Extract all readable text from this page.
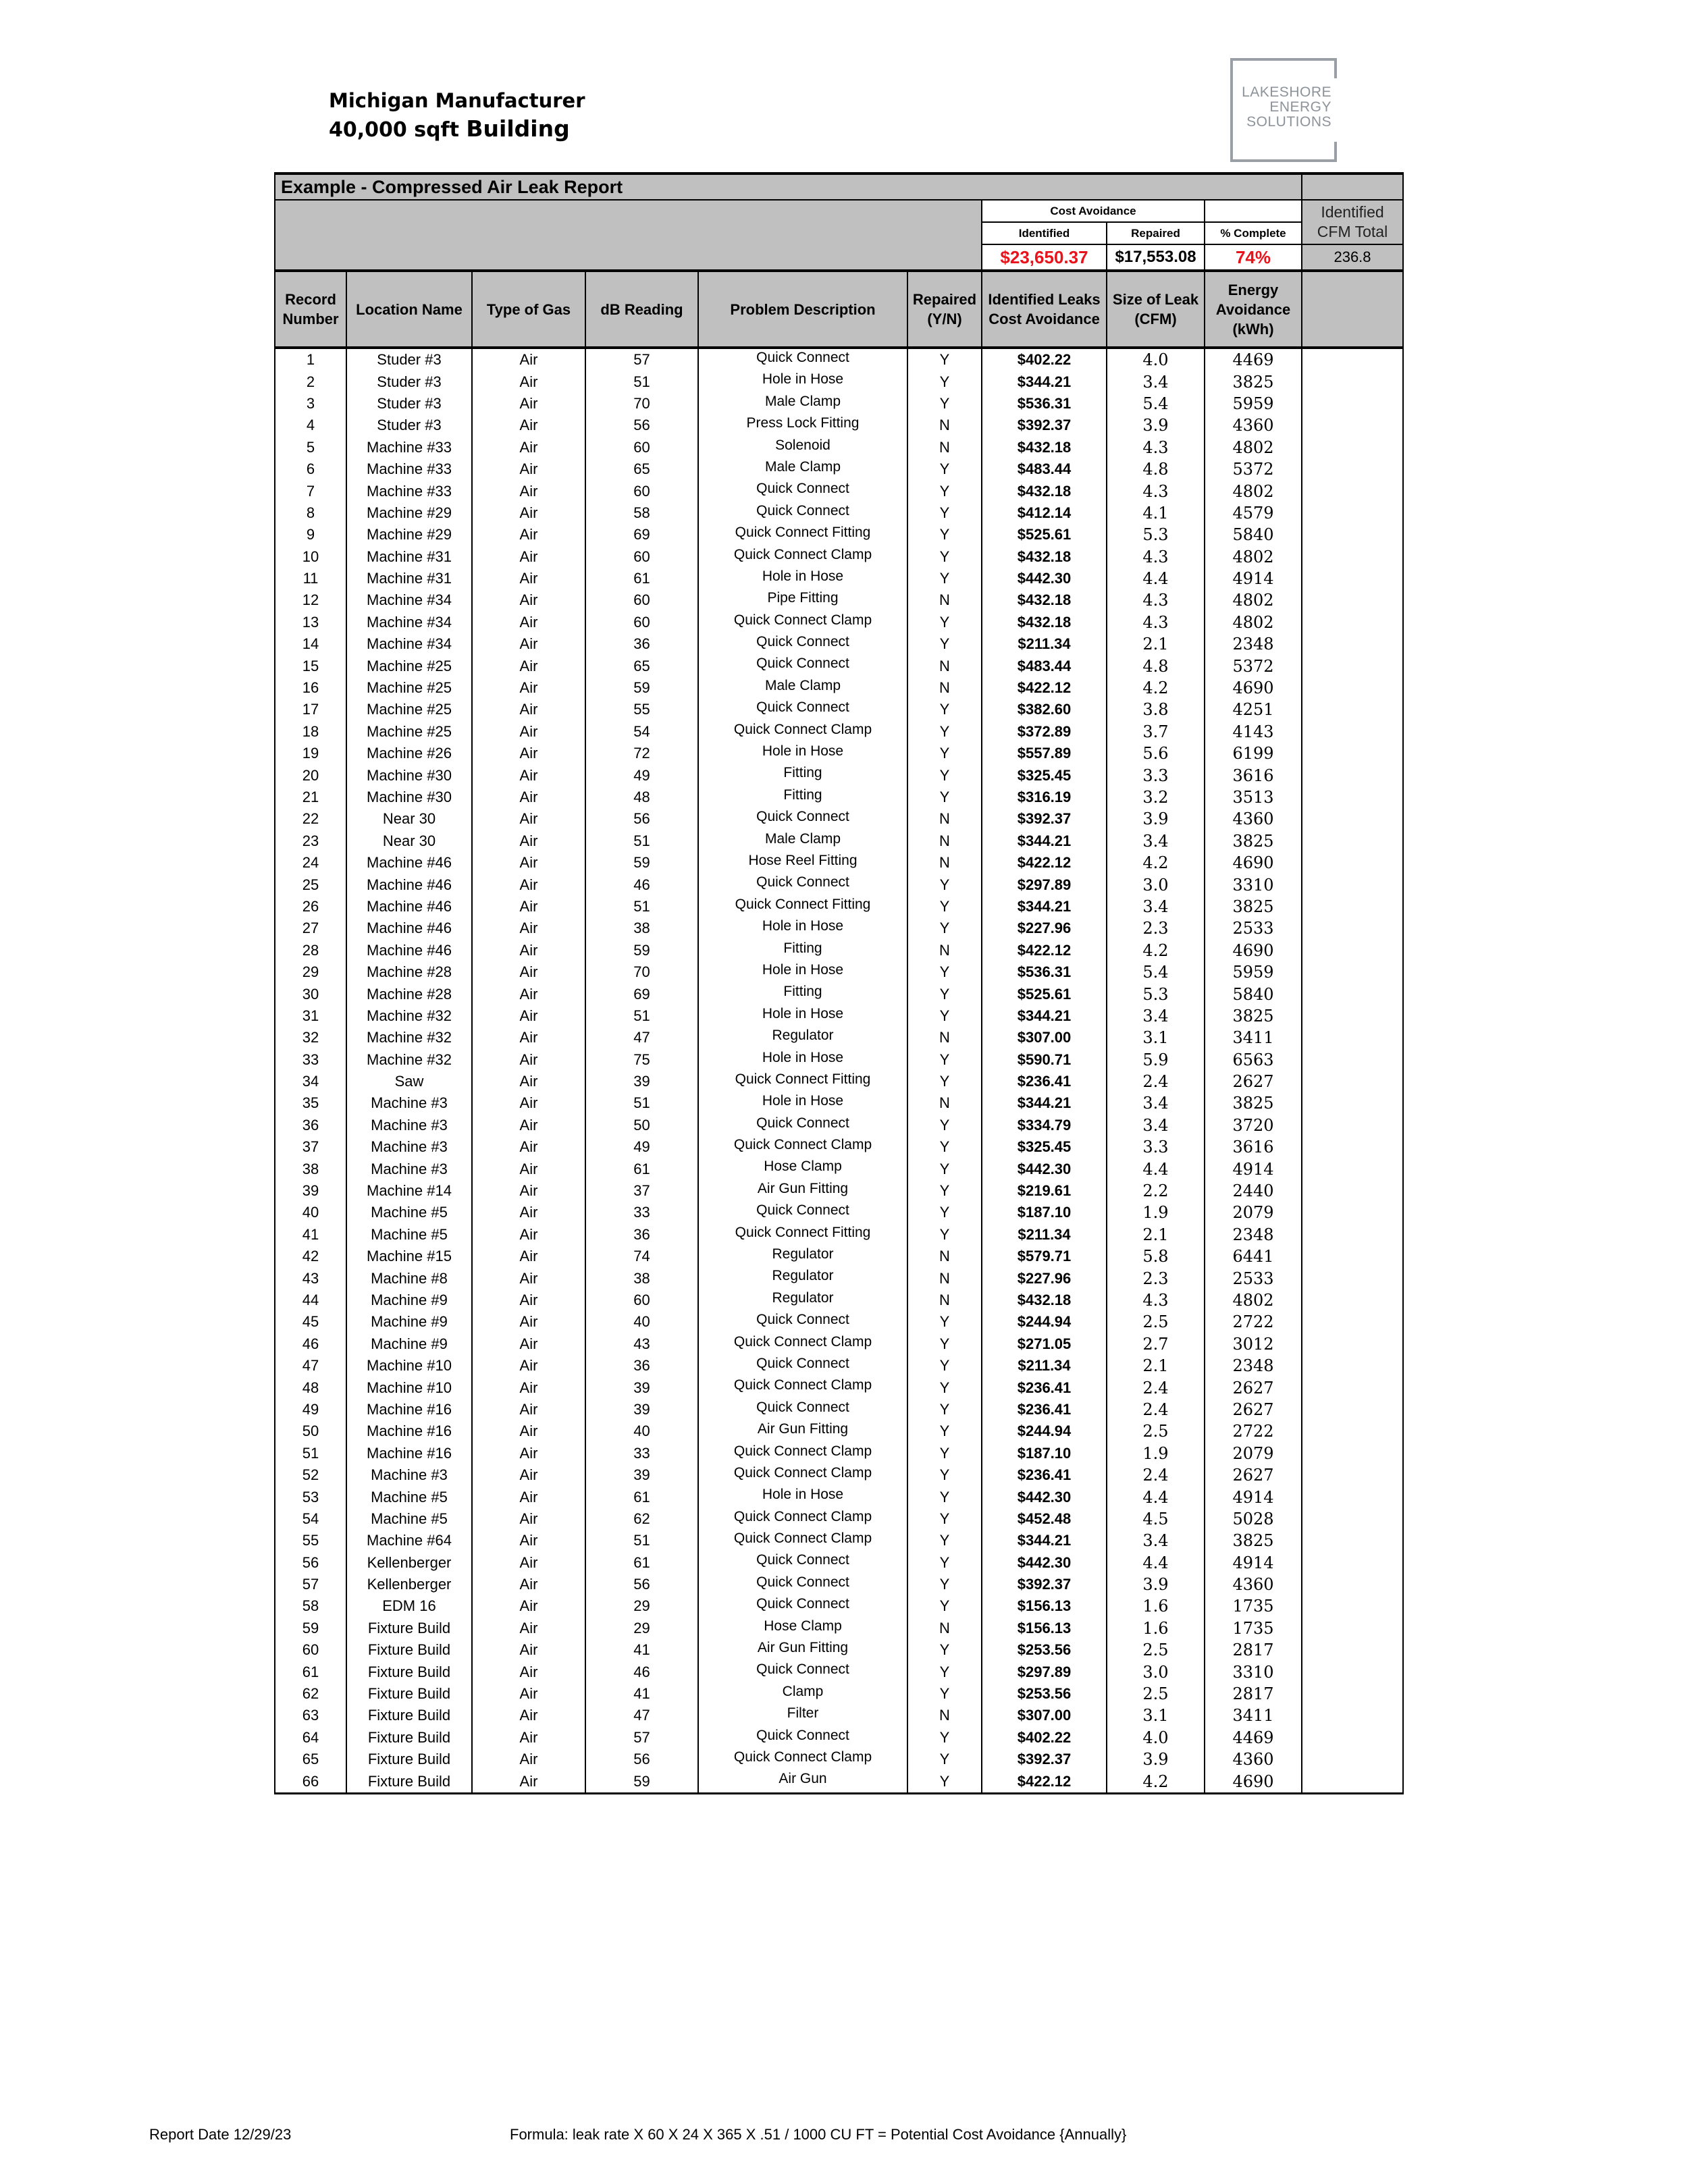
Michigan Manufacturer
40,000 sqft Building
LAKESHORE
ENERGY
SOLUTIONS
Example - Compressed Air Leak Report									
						Cost Avoidance			Identified CFM Total
						Identified	Repaired	% Complete	
						$23,650.37	$17,553.08	74%	236.8
Record Number	Location Name	Type of Gas	dB Reading	Problem Description	Repaired (Y/N)	Identified Leaks Cost Avoidance	Size of Leak (CFM)	Energy Avoidance (kWh)	
1	Studer #3	Air	57	Quick Connect	Y	$402.22	4.0	4469	
2	Studer #3	Air	51	Hole in Hose	Y	$344.21	3.4	3825	
3	Studer #3	Air	70	Male Clamp	Y	$536.31	5.4	5959	
4	Studer #3	Air	56	Press Lock Fitting	N	$392.37	3.9	4360	
5	Machine #33	Air	60	Solenoid	N	$432.18	4.3	4802	
6	Machine #33	Air	65	Male Clamp	Y	$483.44	4.8	5372	
7	Machine #33	Air	60	Quick Connect	Y	$432.18	4.3	4802	
8	Machine #29	Air	58	Quick Connect	Y	$412.14	4.1	4579	
9	Machine #29	Air	69	Quick Connect Fitting	Y	$525.61	5.3	5840	
10	Machine #31	Air	60	Quick Connect Clamp	Y	$432.18	4.3	4802	
11	Machine #31	Air	61	Hole in Hose	Y	$442.30	4.4	4914	
12	Machine #34	Air	60	Pipe Fitting	N	$432.18	4.3	4802	
13	Machine #34	Air	60	Quick Connect Clamp	Y	$432.18	4.3	4802	
14	Machine #34	Air	36	Quick Connect	Y	$211.34	2.1	2348	
15	Machine #25	Air	65	Quick Connect	N	$483.44	4.8	5372	
16	Machine #25	Air	59	Male Clamp	N	$422.12	4.2	4690	
17	Machine #25	Air	55	Quick Connect	Y	$382.60	3.8	4251	
18	Machine #25	Air	54	Quick Connect Clamp	Y	$372.89	3.7	4143	
19	Machine #26	Air	72	Hole in Hose	Y	$557.89	5.6	6199	
20	Machine #30	Air	49	Fitting	Y	$325.45	3.3	3616	
21	Machine #30	Air	48	Fitting	Y	$316.19	3.2	3513	
22	Near 30	Air	56	Quick Connect	N	$392.37	3.9	4360	
23	Near 30	Air	51	Male Clamp	N	$344.21	3.4	3825	
24	Machine #46	Air	59	Hose Reel Fitting	N	$422.12	4.2	4690	
25	Machine #46	Air	46	Quick Connect	Y	$297.89	3.0	3310	
26	Machine #46	Air	51	Quick Connect Fitting	Y	$344.21	3.4	3825	
27	Machine #46	Air	38	Hole in Hose	Y	$227.96	2.3	2533	
28	Machine #46	Air	59	Fitting	N	$422.12	4.2	4690	
29	Machine #28	Air	70	Hole in Hose	Y	$536.31	5.4	5959	
30	Machine #28	Air	69	Fitting	Y	$525.61	5.3	5840	
31	Machine #32	Air	51	Hole in Hose	Y	$344.21	3.4	3825	
32	Machine #32	Air	47	Regulator	N	$307.00	3.1	3411	
33	Machine #32	Air	75	Hole in Hose	Y	$590.71	5.9	6563	
34	Saw	Air	39	Quick Connect Fitting	Y	$236.41	2.4	2627	
35	Machine #3	Air	51	Hole in Hose	N	$344.21	3.4	3825	
36	Machine #3	Air	50	Quick Connect	Y	$334.79	3.4	3720	
37	Machine #3	Air	49	Quick Connect Clamp	Y	$325.45	3.3	3616	
38	Machine #3	Air	61	Hose Clamp	Y	$442.30	4.4	4914	
39	Machine #14	Air	37	Air Gun Fitting	Y	$219.61	2.2	2440	
40	Machine #5	Air	33	Quick Connect	Y	$187.10	1.9	2079	
41	Machine #5	Air	36	Quick Connect Fitting	Y	$211.34	2.1	2348	
42	Machine #15	Air	74	Regulator	N	$579.71	5.8	6441	
43	Machine #8	Air	38	Regulator	N	$227.96	2.3	2533	
44	Machine #9	Air	60	Regulator	N	$432.18	4.3	4802	
45	Machine #9	Air	40	Quick Connect	Y	$244.94	2.5	2722	
46	Machine #9	Air	43	Quick Connect Clamp	Y	$271.05	2.7	3012	
47	Machine #10	Air	36	Quick Connect	Y	$211.34	2.1	2348	
48	Machine #10	Air	39	Quick Connect Clamp	Y	$236.41	2.4	2627	
49	Machine #16	Air	39	Quick Connect	Y	$236.41	2.4	2627	
50	Machine #16	Air	40	Air Gun Fitting	Y	$244.94	2.5	2722	
51	Machine #16	Air	33	Quick Connect Clamp	Y	$187.10	1.9	2079	
52	Machine #3	Air	39	Quick Connect Clamp	Y	$236.41	2.4	2627	
53	Machine #5	Air	61	Hole in Hose	Y	$442.30	4.4	4914	
54	Machine #5	Air	62	Quick Connect Clamp	Y	$452.48	4.5	5028	
55	Machine #64	Air	51	Quick Connect Clamp	Y	$344.21	3.4	3825	
56	Kellenberger	Air	61	Quick Connect	Y	$442.30	4.4	4914	
57	Kellenberger	Air	56	Quick Connect	Y	$392.37	3.9	4360	
58	EDM 16	Air	29	Quick Connect	Y	$156.13	1.6	1735	
59	Fixture Build	Air	29	Hose Clamp	N	$156.13	1.6	1735	
60	Fixture Build	Air	41	Air Gun Fitting	Y	$253.56	2.5	2817	
61	Fixture Build	Air	46	Quick Connect	Y	$297.89	3.0	3310	
62	Fixture Build	Air	41	Clamp	Y	$253.56	2.5	2817	
63	Fixture Build	Air	47	Filter	N	$307.00	3.1	3411	
64	Fixture Build	Air	57	Quick Connect	Y	$402.22	4.0	4469	
65	Fixture Build	Air	56	Quick Connect Clamp	Y	$392.37	3.9	4360	
66	Fixture Build	Air	59	Air Gun	Y	$422.12	4.2	4690	
Report Date 12/29/23	Formula: leak rate X 60 X 24 X 365 X .51 / 1000 CU FT = Potential Cost Avoidance {Annually}
